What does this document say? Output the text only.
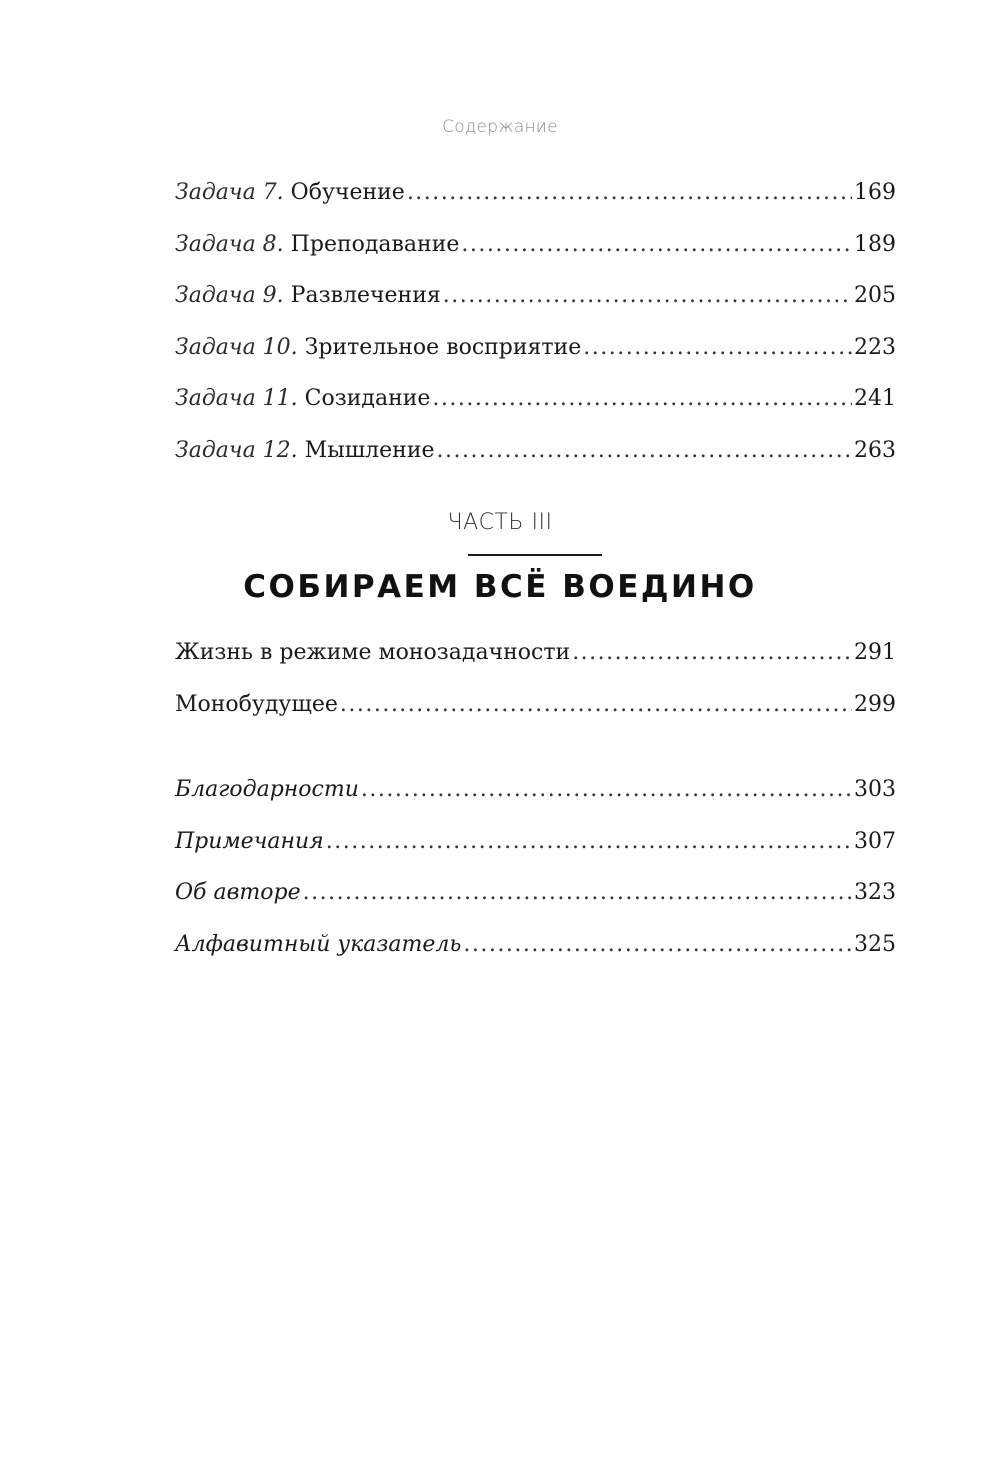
Содержание
Задача 7. Обучение .....	169
Задача 8. Преподавание .....	189
Задача 9. Развлечения .....	205
Задача 10. Зрительное восприятие .....	223
Задача 11. Созидание .....	241
Задача 12. Мышление .....	263
ЧАСТЬ III
СОБИРАЕМ ВСЁ ВОЕДИНО
Жизнь в режиме монозадачности .....	291
Монобудущее .....	299
Благодарности .....	303
Примечания .....	307
Об авторе .....	323
Алфавитный указатель .....	325
